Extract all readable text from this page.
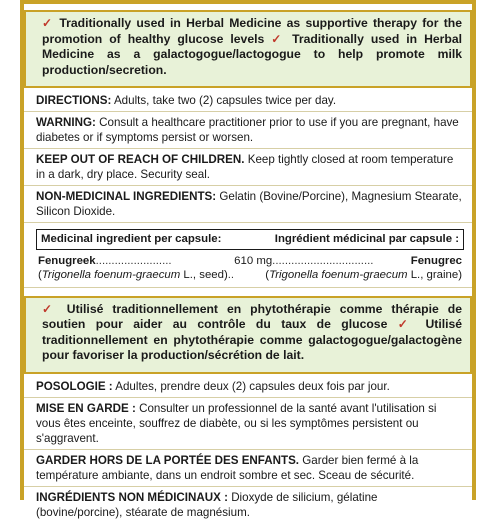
✓ Traditionally used in Herbal Medicine as supportive therapy for the promotion of healthy glucose levels ✓ Traditionally used in Herbal Medicine as a galactogogue/lactogogue to help promote milk production/secretion.
DIRECTIONS: Adults, take two (2) capsules twice per day.
WARNING: Consult a healthcare practitioner prior to use if you are pregnant, have diabetes or if symptoms persist or worsen.
KEEP OUT OF REACH OF CHILDREN. Keep tightly closed at room temperature in a dark, dry place. Security seal.
NON-MEDICINAL INGREDIENTS: Gelatin (Bovine/Porcine), Magnesium Stearate, Silicon Dioxide.
Medicinal ingredient per capsule:	Ingrédient médicinal par capsule :
Fenugreek ........................	610 mg ................................	Fenugrec
(Trigonella foenum-graecum L., seed) ..	(Trigonella foenum-graecum L., graine)
✓ Utilisé traditionnellement en phytothérapie comme thérapie de soutien pour aider au contrôle du taux de glucose ✓ Utilisé traditionnellement en phytothérapie comme galactogogue/galactogène pour favoriser la production/sécrétion de lait.
POSOLOGIE : Adultes, prendre deux (2) capsules deux fois par jour.
MISE EN GARDE : Consulter un professionnel de la santé avant l'utilisation si vous êtes enceinte, souffrez de diabète, ou si les symptômes persistent ou s'aggravent.
GARDER HORS DE LA PORTÉE DES ENFANTS. Garder bien fermé à la température ambiante, dans un endroit sombre et sec. Sceau de sécurité.
INGRÉDIENTS NON MÉDICINAUX : Dioxyde de silicium, gélatine (bovine/porcine), stéarate de magnésium.
